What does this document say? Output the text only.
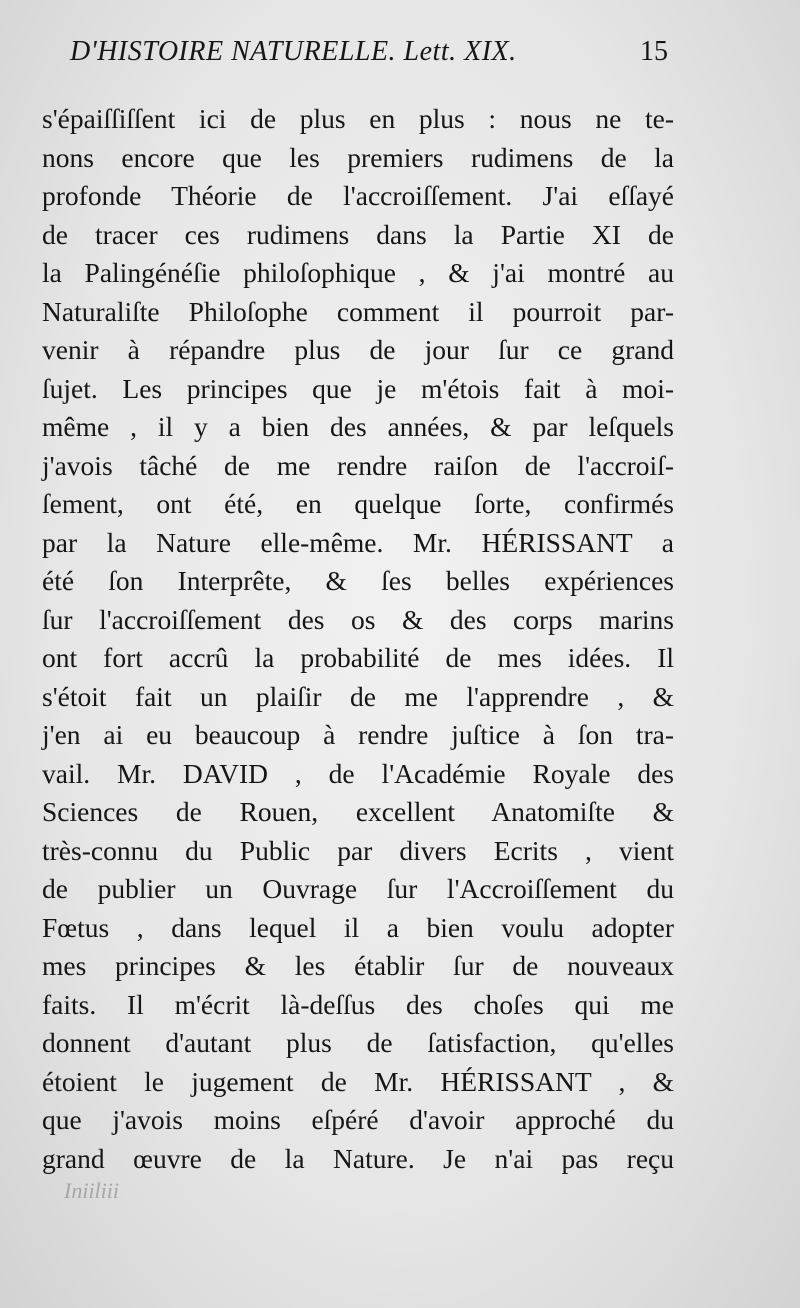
D'HISTOIRE NATURELLE. Lett. XIX.	15
s'épaiſſiſſent ici de plus en plus : nous ne te-
nons encore que les premiers rudimens de la
profonde Théorie de l'accroiſſement. J'ai eſſayé
de tracer ces rudimens dans la Partie XI de
la Palingénéſie philoſophique , & j'ai montré au
Naturaliſte Philoſophe comment il pourroit par-
venir à répandre plus de jour ſur ce grand
ſujet. Les principes que je m'étois fait à moi-
même , il y a bien des années, & par leſquels
j'avois tâché de me rendre raiſon de l'accroiſ-
ſement, ont été, en quelque ſorte, confirmés
par la Nature elle-même. Mr. HÉRISSANT a
été ſon Interprête, & ſes belles expériences
ſur l'accroiſſement des os & des corps marins
ont fort accrû la probabilité de mes idées. Il
s'étoit fait un plaiſir de me l'apprendre , &
j'en ai eu beaucoup à rendre juſtice à ſon tra-
vail. Mr. DAVID , de l'Académie Royale des
Sciences de Rouen, excellent Anatomiſte &
très-connu du Public par divers Ecrits , vient
de publier un Ouvrage ſur l'Accroiſſement du
Fœtus , dans lequel il a bien voulu adopter
mes principes & les établir ſur de nouveaux
faits. Il m'écrit là-deſſus des choſes qui me
donnent d'autant plus de ſatisfaction, qu'elles
étoient le jugement de Mr. HÉRISSANT , &
que j'avois moins eſpéré d'avoir approché du
grand œuvre de la Nature. Je n'ai pas reçu
Iniiliii
